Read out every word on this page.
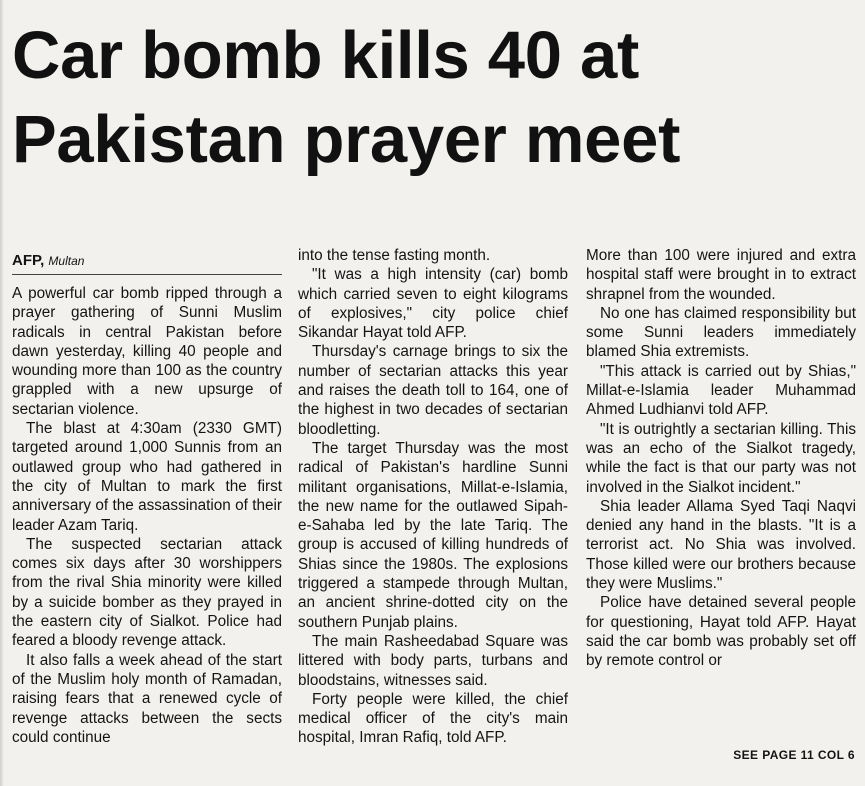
Car bomb kills 40 at
Pakistan prayer meet
AFP, Multan

A powerful car bomb ripped through a prayer gathering of Sunni Muslim radicals in central Pakistan before dawn yesterday, killing 40 people and wounding more than 100 as the country grappled with a new upsurge of sectarian violence.

The blast at 4:30am (2330 GMT) targeted around 1,000 Sunnis from an outlawed group who had gathered in the city of Multan to mark the first anniversary of the assassination of their leader Azam Tariq.

The suspected sectarian attack comes six days after 30 worshippers from the rival Shia minority were killed by a suicide bomber as they prayed in the eastern city of Sialkot. Police had feared a bloody revenge attack.

It also falls a week ahead of the start of the Muslim holy month of Ramadan, raising fears that a renewed cycle of revenge attacks between the sects could continue

into the tense fasting month.

"It was a high intensity (car) bomb which carried seven to eight kilograms of explosives," city police chief Sikandar Hayat told AFP.

Thursday's carnage brings to six the number of sectarian attacks this year and raises the death toll to 164, one of the highest in two decades of sectarian bloodletting.

The target Thursday was the most radical of Pakistan's hardline Sunni militant organisations, Millat-e-Islamia, the new name for the outlawed Sipah-e-Sahaba led by the late Tariq. The group is accused of killing hundreds of Shias since the 1980s. The explosions triggered a stampede through Multan, an ancient shrine-dotted city on the southern Punjab plains.

The main Rasheedabad Square was littered with body parts, turbans and bloodstains, witnesses said.

Forty people were killed, the chief medical officer of the city's main hospital, Imran Rafiq, told AFP.

More than 100 were injured and extra hospital staff were brought in to extract shrapnel from the wounded.

No one has claimed responsibility but some Sunni leaders immediately blamed Shia extremists.

"This attack is carried out by Shias," Millat-e-Islamia leader Muhammad Ahmed Ludhianvi told AFP.

"It is outrightly a sectarian killing. This was an echo of the Sialkot tragedy, while the fact is that our party was not involved in the Sialkot incident."

Shia leader Allama Syed Taqi Naqvi denied any hand in the blasts. "It is a terrorist act. No Shia was involved. Those killed were our brothers because they were Muslims."

Police have detained several people for questioning, Hayat told AFP. Hayat said the car bomb was probably set off by remote control or

SEE PAGE 11 COL 6
